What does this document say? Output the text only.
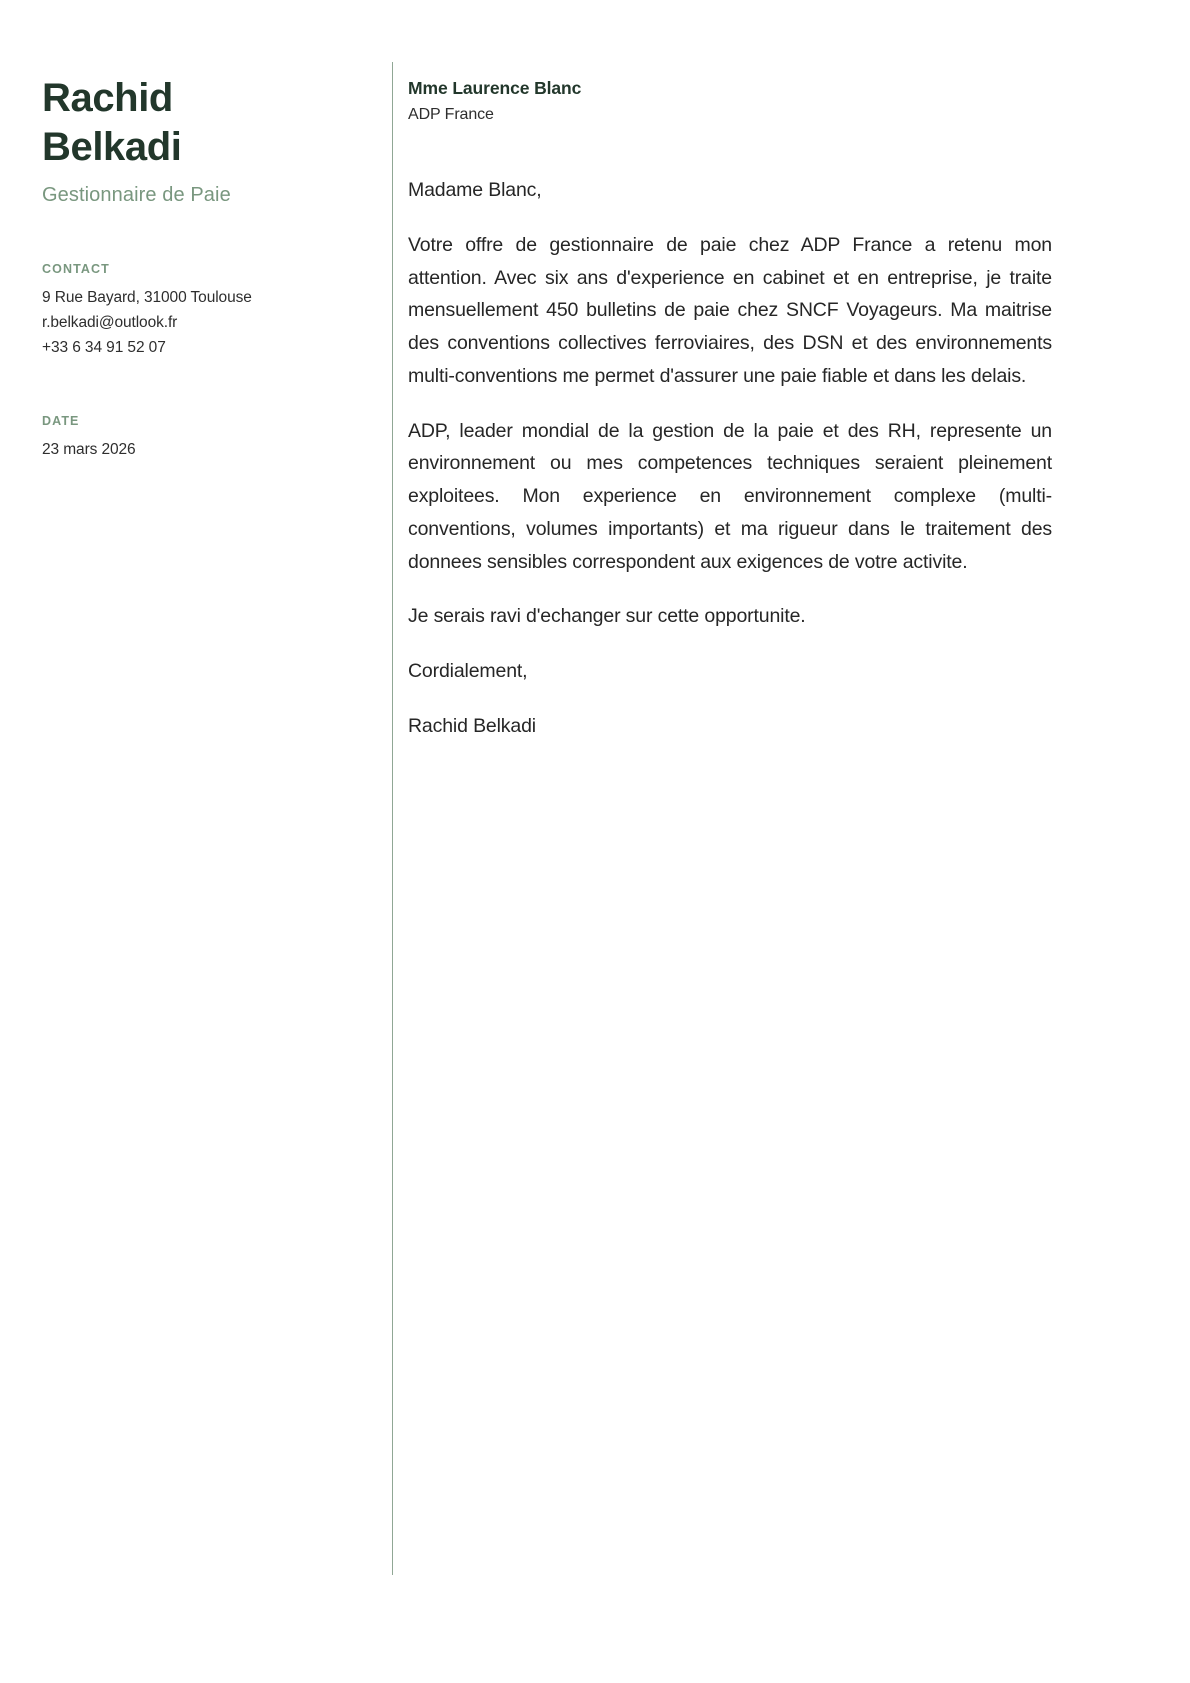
Rachid
Belkadi

Gestionnaire de Paie

CONTACT

9 Rue Bayard, 31000 Toulouse

r.belkadi@outlook.fr

+33 6 34 91 52 07

DATE

23 mars 2026

Mme Laurence Blanc

ADP France

Madame Blanc,

Votre offre de gestionnaire de paie chez ADP France a retenu mon attention. Avec six ans d'experience en cabinet et en entreprise, je traite mensuellement 450 bulletins de paie chez SNCF Voyageurs. Ma maitrise des conventions collectives ferroviaires, des DSN et des environnements multi-conventions me permet d'assurer une paie fiable et dans les delais.

ADP, leader mondial de la gestion de la paie et des RH, represente un environnement ou mes competences techniques seraient pleinement exploitees. Mon experience en environnement complexe (multi-conventions, volumes importants) et ma rigueur dans le traitement des donnees sensibles correspondent aux exigences de votre activite.

Je serais ravi d'echanger sur cette opportunite.

Cordialement,

Rachid Belkadi
